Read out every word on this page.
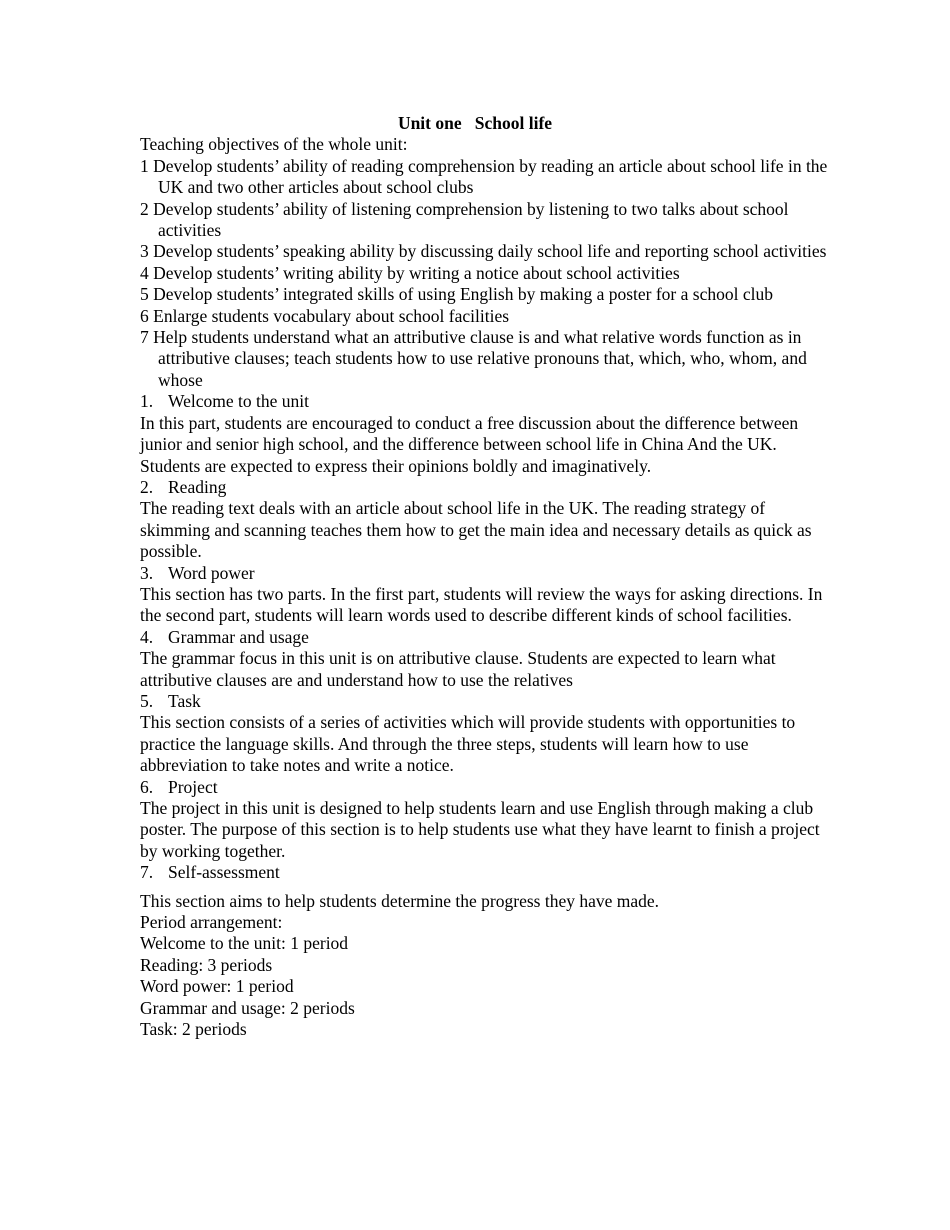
Unit one   School life

Teaching objectives of the whole unit:

1 Develop students’ ability of reading comprehension by reading an article about school life in the UK and two other articles about school clubs

2 Develop students’ ability of listening comprehension by listening to two talks about school activities

3 Develop students’ speaking ability by discussing daily school life and reporting school activities

4 Develop students’ writing ability by writing a notice about school activities

5 Develop students’ integrated skills of using English by making a poster for a school club

6 Enlarge students vocabulary about school facilities

7 Help students understand what an attributive clause is and what relative words function as in attributive clauses; teach students how to use relative pronouns that, which, who, whom, and whose

1. Welcome to the unit

In this part, students are encouraged to conduct a free discussion about the difference between junior and senior high school, and the difference between school life in China And the UK. Students are expected to express their opinions boldly and imaginatively.

2. Reading

The reading text deals with an article about school life in the UK. The reading strategy of skimming and scanning teaches them how to get the main idea and necessary details as quick as possible.

3. Word power

This section has two parts. In the first part, students will review the ways for asking directions. In the second part, students will learn words used to describe different kinds of school facilities.

4. Grammar and usage

The grammar focus in this unit is on attributive clause. Students are expected to learn what attributive clauses are and understand how to use the relatives

5. Task

This section consists of a series of activities which will provide students with opportunities to practice the language skills. And through the three steps, students will learn how to use abbreviation to take notes and write a notice.

6. Project

The project in this unit is designed to help students learn and use English through making a club poster. The purpose of this section is to help students use what they have learnt to finish a project by working together.

7. Self-assessment

This section aims to help students determine the progress they have made.

Period arrangement:

Welcome to the unit: 1 period

Reading: 3 periods

Word power: 1 period

Grammar and usage: 2 periods

Task: 2 periods
